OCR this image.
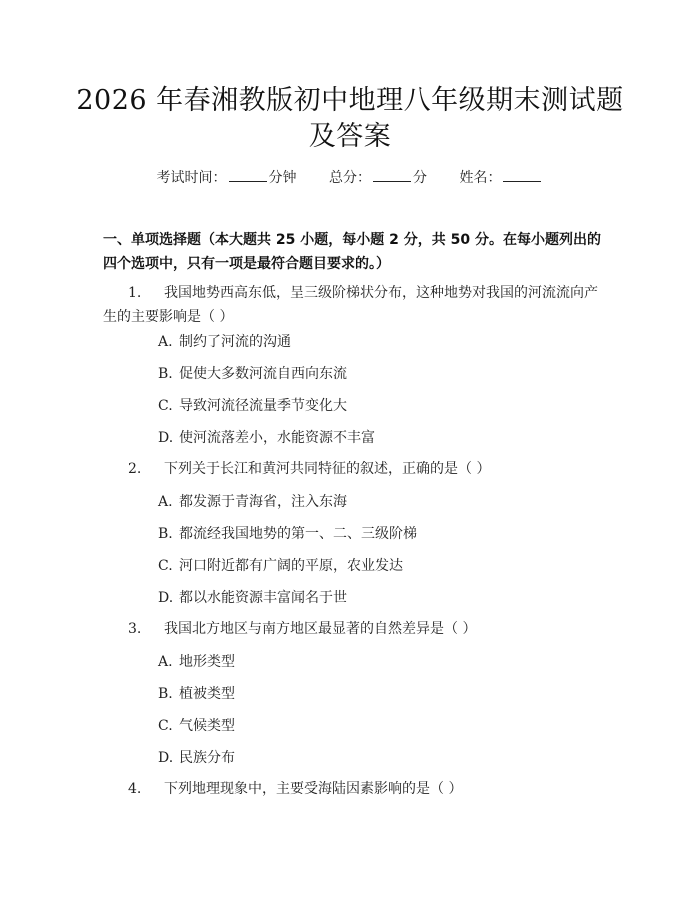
2026 年春湘教版初中地理八年级期末测试题
及答案
考试时间：	分钟 总分：	分 姓名：
一、单项选择题（本大题共 25 小题，每小题 2 分，共 50 分。在每小题列出的四个选项中，只有一项是最符合题目要求的。）
1. 我国地势西高东低，呈三级阶梯状分布，这种地势对我国的河流流向产生的主要影响是（ ）
A. 制约了河流的沟通
B. 促使大多数河流自西向东流
C. 导致河流径流量季节变化大
D. 使河流落差小，水能资源不丰富
2. 下列关于长江和黄河共同特征的叙述，正确的是（ ）
A. 都发源于青海省，注入东海
B. 都流经我国地势的第一、二、三级阶梯
C. 河口附近都有广阔的平原，农业发达
D. 都以水能资源丰富闻名于世
3. 我国北方地区与南方地区最显著的自然差异是（ ）
A. 地形类型
B. 植被类型
C. 气候类型
D. 民族分布
4. 下列地理现象中，主要受海陆因素影响的是（ ）
